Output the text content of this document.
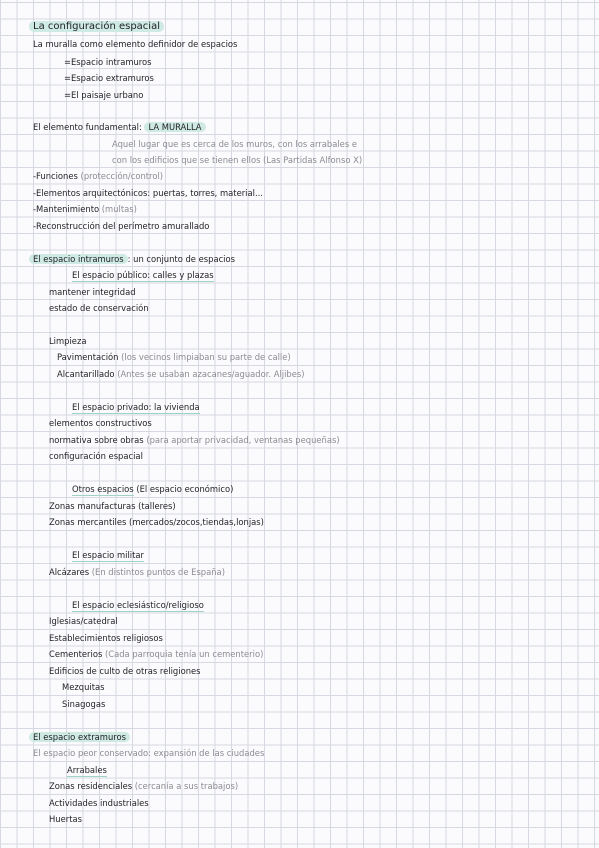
La configuración espacial
La muralla como elemento definidor de espacios
=Espacio intramuros
=Espacio extramuros
=El paisaje urbano
El elemento fundamental: LA MURALLA
Aquel lugar que es cerca de los muros, con los arrabales e
con los edificios que se tienen ellos (Las Partidas Alfonso X)
-Funciones (protección/control)
-Elementos arquitectónicos: puertas, torres, material...
-Mantenimiento (multas)
-Reconstrucción del perímetro amurallado
El espacio intramuros : un conjunto de espacios
El espacio público: calles y plazas
mantener integridad
estado de conservación
Limpieza
Pavimentación (los vecinos limpiaban su parte de calle)
Alcantarillado (Antes se usaban azacanes/aguador. Aljibes)
El espacio privado: la vivienda
elementos constructivos
normativa sobre obras (para aportar privacidad, ventanas pequeñas)
configuración espacial
Otros espacios (El espacio económico)
Zonas manufacturas (talleres)
Zonas mercantiles (mercados/zocos,tiendas,lonjas)
El espacio militar
Alcázares (En distintos puntos de España)
El espacio eclesiástico/religioso
Iglesias/catedral
Establecimientos religiosos
Cementerios (Cada parroquia tenía un cementerio)
Edificios de culto de otras religiones
Mezquitas
Sinagogas
El espacio extramuros
El espacio peor conservado: expansión de las ciudades
Arrabales
Zonas residenciales (cercanía a sus trabajos)
Actividades industriales
Huertas
